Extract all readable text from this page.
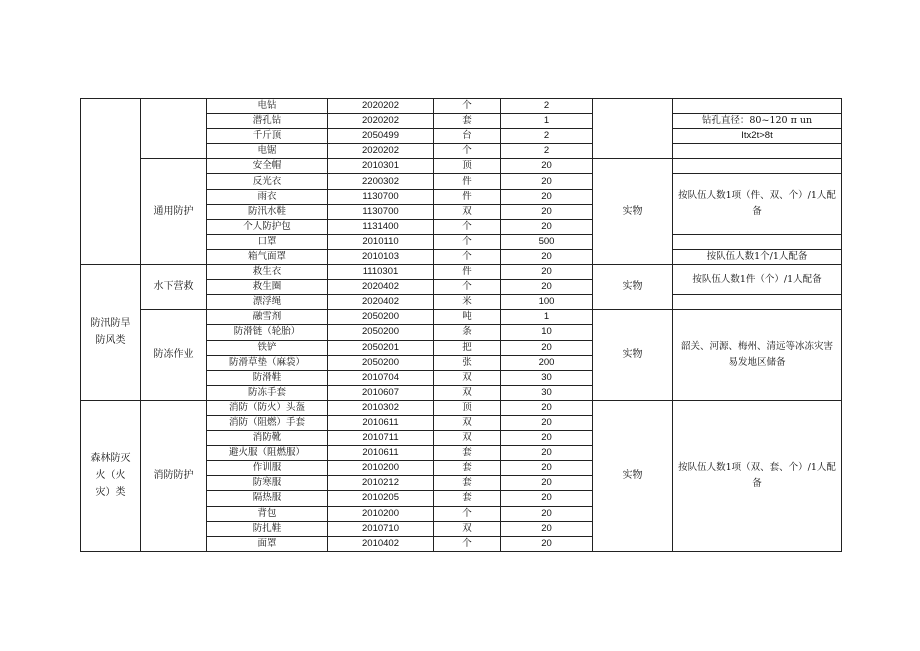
		电钻	2020202	个	2		
		潜孔钻	2020202	套	1		钻孔直径：80~120 π un
		千斤顶	2050499	台	2		Itx2t>8t
		电锯	2020202	个	2		
	通用防护	安全帽	2010301	顶	20	实物	
		反光衣	2200302	件	20		按队伍人数1项（件、双、个）/1人配备
		雨衣	1130700	件	20		
		防汛水鞋	1130700	双	20		
		个人防护包	1131400	个	20		
		口罩	2010110	个	500		
		箱气面罩	2010103	个	20		按队伍人数1个/1人配备
防汛防旱防风类	水下营救	救生衣	1110301	件	20	实物	按队伍人数1件（个）/1人配备
		救生圈	2020402	个	20		
		漂浮绳	2020402	米	100		
	防冻作业	融雪剂	2050200	吨	1	实物	韶关、河源、梅州、清远等冰冻灾害易发地区储备
		防滑链（轮胎）	2050200	条	10		
		铁铲	2050201	把	20		
		防滑草垫（麻袋）	2050200	张	200		
		防滑鞋	2010704	双	30		
		防冻手套	2010607	双	30		
森林防灭火（火灾）类	消防防护	消防（防火）头盔	2010302	顶	20	实物	按队伍人数1项（双、套、个）/1人配备
		消防（阻燃）手套	2010611	双	20		
		消防靴	2010711	双	20		
		避火服（阻燃服）	2010611	套	20		
		作训服	2010200	套	20		
		防寒服	2010212	套	20		
		隔热服	2010205	套	20		
		背包	2010200	个	20		
		防扎鞋	2010710	双	20		
		面罩	2010402	个	20		
